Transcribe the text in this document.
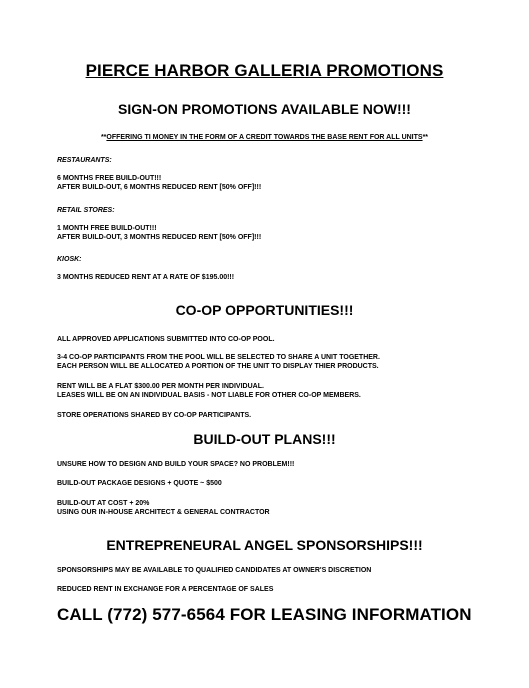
PIERCE HARBOR GALLERIA PROMOTIONS
SIGN-ON PROMOTIONS AVAILABLE NOW!!!
**OFFERING TI MONEY IN THE FORM OF A CREDIT TOWARDS THE BASE RENT FOR ALL UNITS**
RESTAURANTS:
6 MONTHS FREE BUILD-OUT!!!
AFTER BUILD-OUT, 6 MONTHS REDUCED RENT [50% OFF]!!!
RETAIL STORES:
1 MONTH FREE BUILD-OUT!!!
AFTER BUILD-OUT, 3 MONTHS REDUCED RENT [50% OFF]!!!
KIOSK:
3 MONTHS REDUCED RENT AT A RATE OF $195.00!!!
CO-OP OPPORTUNITIES!!!
ALL APPROVED APPLICATIONS SUBMITTED INTO CO-OP POOL.
3-4 CO-OP PARTICIPANTS FROM THE POOL WILL BE SELECTED TO SHARE A UNIT TOGETHER.
EACH PERSON WILL BE ALLOCATED A PORTION OF THE UNIT TO DISPLAY THIER PRODUCTS.
RENT WILL BE A FLAT $300.00 PER MONTH PER INDIVIDUAL.
LEASES WILL BE ON AN INDIVIDUAL BASIS - NOT LIABLE FOR OTHER CO-OP MEMBERS.
STORE OPERATIONS SHARED BY CO-OP PARTICIPANTS.
BUILD-OUT PLANS!!!
UNSURE HOW TO DESIGN AND BUILD YOUR SPACE? NO PROBLEM!!!
BUILD-OUT PACKAGE DESIGNS + QUOTE ~ $500
BUILD-OUT AT COST + 20%
USING OUR IN-HOUSE ARCHITECT & GENERAL CONTRACTOR
ENTREPRENEURAL ANGEL SPONSORSHIPS!!!
SPONSORSHIPS MAY BE AVAILABLE TO QUALIFIED CANDIDATES AT OWNER'S DISCRETION
REDUCED RENT IN EXCHANGE FOR A PERCENTAGE OF SALES
CALL (772) 577-6564 FOR LEASING INFORMATION
